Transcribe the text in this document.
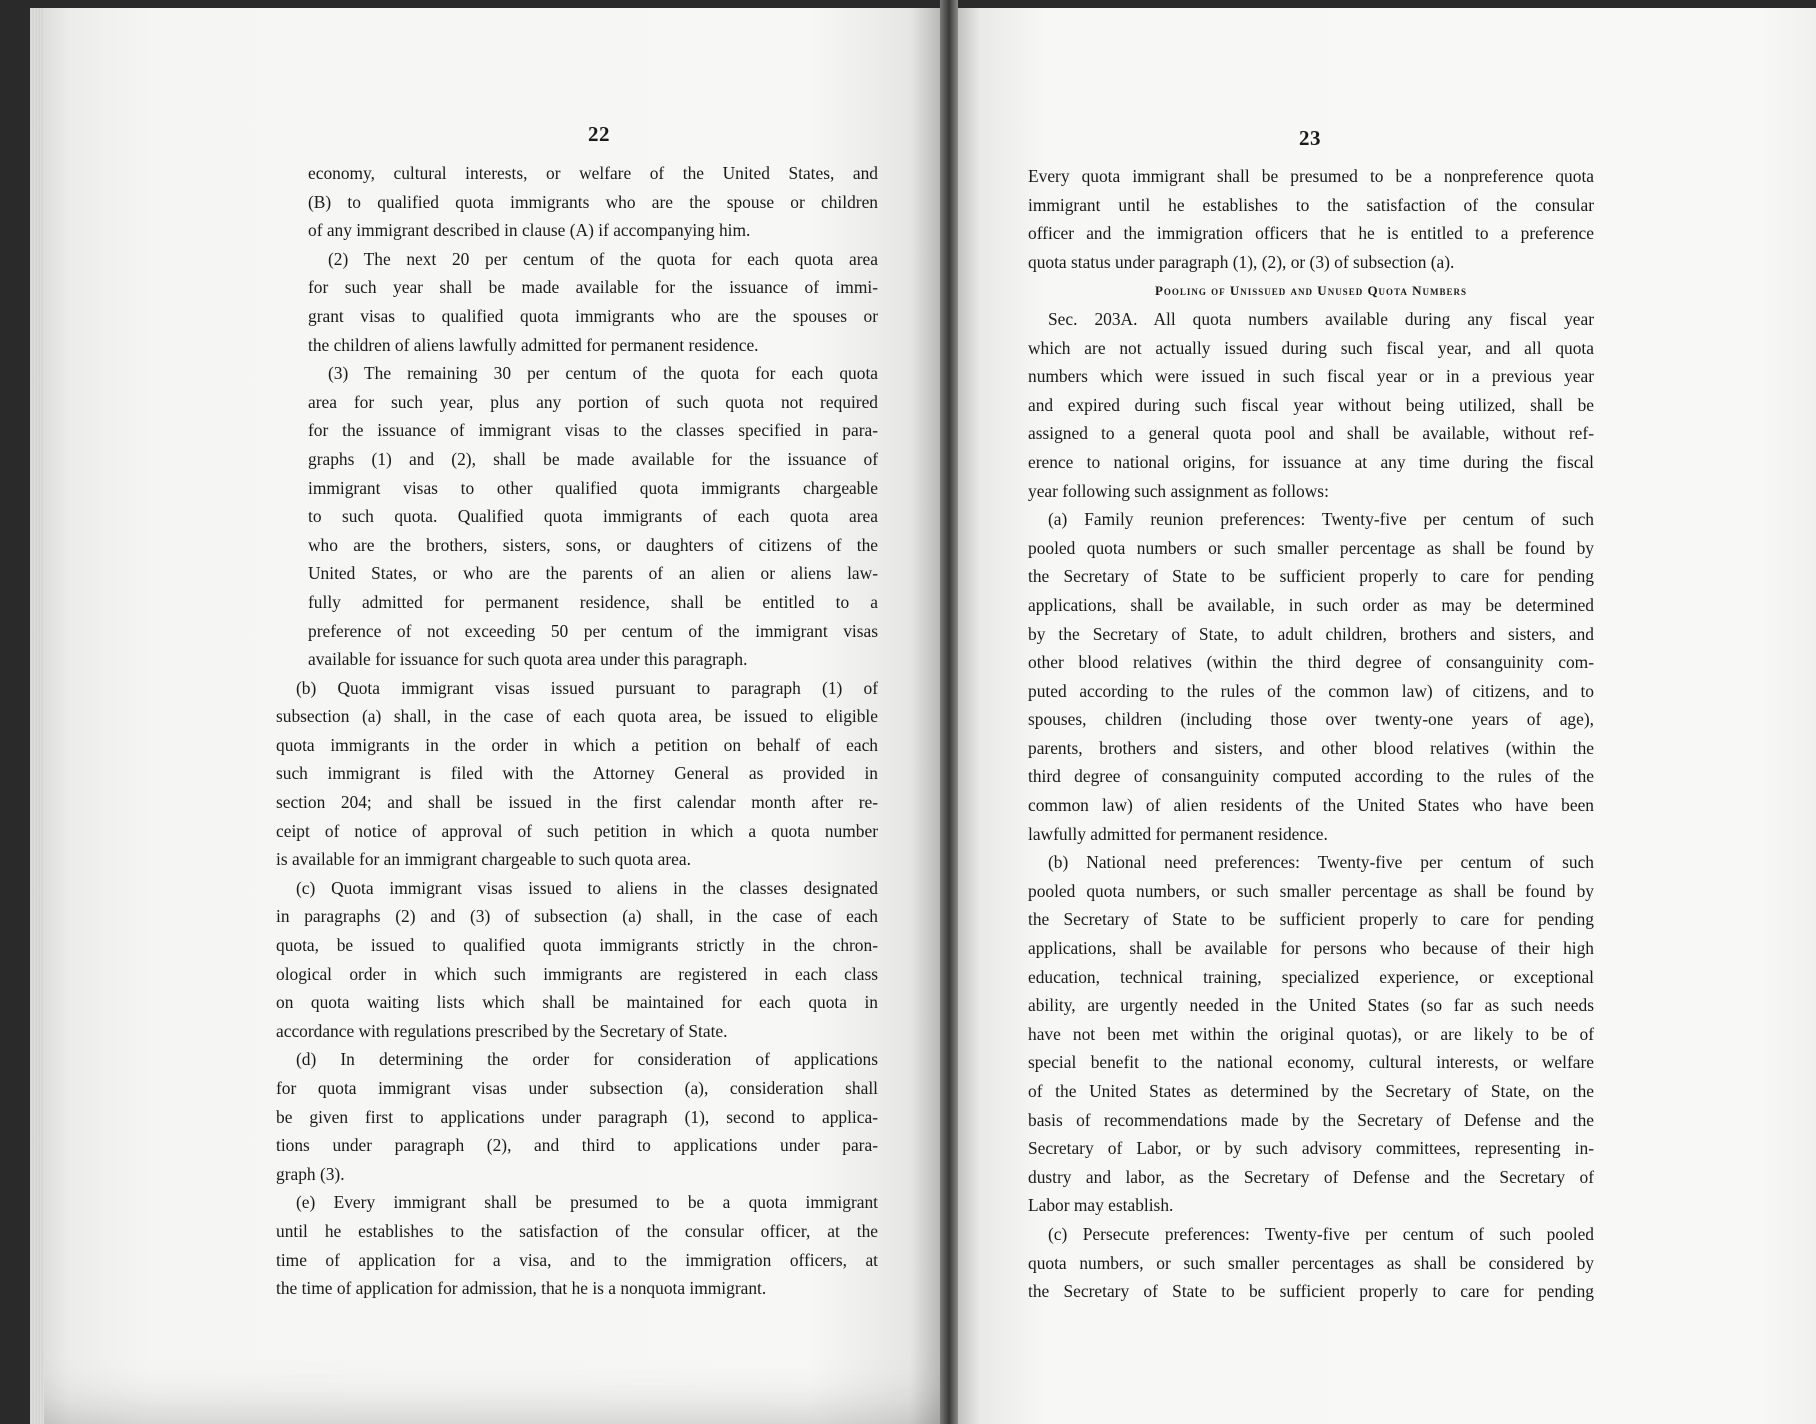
22	23
economy, cultural interests, or welfare of the United States, and
(B) to qualified quota immigrants who are the spouse or children
of any immigrant described in clause (A) if accompanying him.
(2) The next 20 per centum of the quota for each quota area
for such year shall be made available for the issuance of immi-
grant visas to qualified quota immigrants who are the spouses or
the children of aliens lawfully admitted for permanent residence.
(3) The remaining 30 per centum of the quota for each quota
area for such year, plus any portion of such quota not required
for the issuance of immigrant visas to the classes specified in para-
graphs (1) and (2), shall be made available for the issuance of
immigrant visas to other qualified quota immigrants chargeable
to such quota. Qualified quota immigrants of each quota area
who are the brothers, sisters, sons, or daughters of citizens of the
United States, or who are the parents of an alien or aliens law-
fully admitted for permanent residence, shall be entitled to a
preference of not exceeding 50 per centum of the immigrant visas
available for issuance for such quota area under this paragraph.
(b) Quota immigrant visas issued pursuant to paragraph (1) of
subsection (a) shall, in the case of each quota area, be issued to eligible
quota immigrants in the order in which a petition on behalf of each
such immigrant is filed with the Attorney General as provided in
section 204; and shall be issued in the first calendar month after re-
ceipt of notice of approval of such petition in which a quota number
is available for an immigrant chargeable to such quota area.
(c) Quota immigrant visas issued to aliens in the classes designated
in paragraphs (2) and (3) of subsection (a) shall, in the case of each
quota, be issued to qualified quota immigrants strictly in the chron-
ological order in which such immigrants are registered in each class
on quota waiting lists which shall be maintained for each quota in
accordance with regulations prescribed by the Secretary of State.
(d) In determining the order for consideration of applications
for quota immigrant visas under subsection (a), consideration shall
be given first to applications under paragraph (1), second to applica-
tions under paragraph (2), and third to applications under para-
graph (3).
(e) Every immigrant shall be presumed to be a quota immigrant
until he establishes to the satisfaction of the consular officer, at the
time of application for a visa, and to the immigration officers, at
the time of application for admission, that he is a nonquota immigrant.
Every quota immigrant shall be presumed to be a nonpreference quota
immigrant until he establishes to the satisfaction of the consular
officer and the immigration officers that he is entitled to a preference
quota status under paragraph (1), (2), or (3) of subsection (a).
Pooling of Unissued and Unused Quota Numbers
Sec. 203A. All quota numbers available during any fiscal year
which are not actually issued during such fiscal year, and all quota
numbers which were issued in such fiscal year or in a previous year
and expired during such fiscal year without being utilized, shall be
assigned to a general quota pool and shall be available, without ref-
erence to national origins, for issuance at any time during the fiscal
year following such assignment as follows:
(a) Family reunion preferences: Twenty-five per centum of such
pooled quota numbers or such smaller percentage as shall be found by
the Secretary of State to be sufficient properly to care for pending
applications, shall be available, in such order as may be determined
by the Secretary of State, to adult children, brothers and sisters, and
other blood relatives (within the third degree of consanguinity com-
puted according to the rules of the common law) of citizens, and to
spouses, children (including those over twenty-one years of age),
parents, brothers and sisters, and other blood relatives (within the
third degree of consanguinity computed according to the rules of the
common law) of alien residents of the United States who have been
lawfully admitted for permanent residence.
(b) National need preferences: Twenty-five per centum of such
pooled quota numbers, or such smaller percentage as shall be found by
the Secretary of State to be sufficient properly to care for pending
applications, shall be available for persons who because of their high
education, technical training, specialized experience, or exceptional
ability, are urgently needed in the United States (so far as such needs
have not been met within the original quotas), or are likely to be of
special benefit to the national economy, cultural interests, or welfare
of the United States as determined by the Secretary of State, on the
basis of recommendations made by the Secretary of Defense and the
Secretary of Labor, or by such advisory committees, representing in-
dustry and labor, as the Secretary of Defense and the Secretary of
Labor may establish.
(c) Persecute preferences: Twenty-five per centum of such pooled
quota numbers, or such smaller percentages as shall be considered by
the Secretary of State to be sufficient properly to care for pending
